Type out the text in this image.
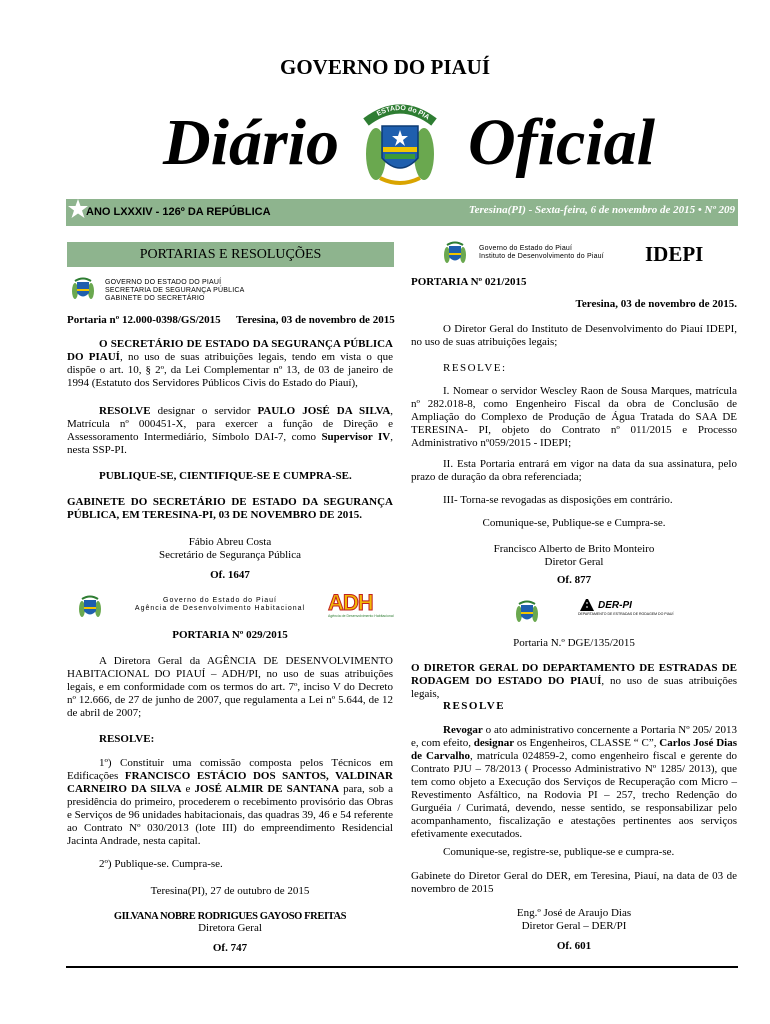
GOVERNO DO PIAUÍ
Diário Oficial
ESTADO do PIA
ANO LXXXIV - 126º DA REPÚBLICA	Teresina(PI) - Sexta-feira, 6 de novembro de 2015 • Nº 209
PORTARIAS E RESOLUÇÕES
GOVERNO DO ESTADO DO PIAUÍ
SECRETARIA DE SEGURANÇA PÚBLICA
GABINETE DO SECRETÁRIO
Portaria nº 12.000-0398/GS/2015 Teresina, 03 de novembro de 2015
O SECRETÁRIO DE ESTADO DA SEGURANÇA PÚBLICA DO PIAUÍ, no uso de suas atribuições legais, tendo em vista o que dispõe o art. 10, § 2º, da Lei Complementar nº 13, de 03 de janeiro de 1994 (Estatuto dos Servidores Públicos Civis do Estado do Piauí),
RESOLVE designar o servidor PAULO JOSÉ DA SILVA, Matrícula nº 000451-X, para exercer a função de Direção e Assessoramento Intermediário, Símbolo DAI-7, como Supervisor IV, nesta SSP-PI.
PUBLIQUE-SE, CIENTIFIQUE-SE E CUMPRA-SE.
GABINETE DO SECRETÁRIO DE ESTADO DA SEGURANÇA PÚBLICA, EM TERESINA-PI, 03 DE NOVEMBRO DE 2015.
Fábio Abreu Costa
Secretário de Segurança Pública
Of. 1647
Governo do Estado do Piauí
Agência de Desenvolvimento Habitacional	ADH
Agência de Desenvolvimento Habitacional
PORTARIA Nº 029/2015
A Diretora Geral da AGÊNCIA DE DESENVOLVIMENTO HABITACIONAL DO PIAUÍ – ADH/PI, no uso de suas atribuições legais, e em conformidade com os termos do art. 7º, inciso V do Decreto nº 12.666, de 27 de junho de 2007, que regulamenta a Lei nº 5.644, de 12 de abril de 2007;
RESOLVE:
1º) Constituir uma comissão composta pelos Técnicos em Edificações FRANCISCO ESTÁCIO DOS SANTOS, VALDINAR CARNEIRO DA SILVA e JOSÉ ALMIR DE SANTANA para, sob a presidência do primeiro, procederem o recebimento provisório das Obras e Serviços de 96 unidades habitacionais, das quadras 39, 46 e 54 referente ao Contrato Nº 030/2013 (lote III) do empreendimento Residencial Jacinta Andrade, nesta capital.
2º) Publique-se. Cumpra-se.
Teresina(PI), 27 de outubro de 2015
GILVANA NOBRE RODRIGUES GAYOSO FREITAS
Diretora Geral
Of. 747
Governo do Estado do Piauí
Instituto de Desenvolvimento do Piauí IDEPI
PORTARIA Nº 021/2015
Teresina, 03 de novembro de 2015.
O Diretor Geral do Instituto de Desenvolvimento do Piauí IDEPI, no uso de suas atribuições legais;
RESOLVE:
I. Nomear o servidor Wescley Raon de Sousa Marques, matrícula nº 282.018-8, como Engenheiro Fiscal da obra de Conclusão de Ampliação do Complexo de Produção de Água Tratada do SAA DE TERESINA- PI, objeto do Contrato nº 011/2015 e Processo Administrativo nº059/2015 - IDEPI;
II. Esta Portaria entrará em vigor na data da sua assinatura, pelo prazo de duração da obra referenciada;
III- Torna-se revogadas as disposições em contrário.
Comunique-se, Publique-se e Cumpra-se.
Francisco Alberto de Brito Monteiro
Diretor Geral
Of. 877
DER-PI
DEPARTAMENTO DE ESTRADAS DE RODAGEM DO PIAUÍ
Portaria N.º DGE/135/2015
O DIRETOR GERAL DO DEPARTAMENTO DE ESTRADAS DE RODAGEM DO ESTADO DO PIAUÍ, no uso de suas atribuições legais,
RESOLVE
Revogar o ato administrativo concernente a Portaria Nº 205/ 2013 e, com efeito, designar os Engenheiros, CLASSE “ C”, Carlos José Dias de Carvalho, matrícula 024859-2, como engenheiro fiscal e gerente do Contrato PJU – 78/2013 ( Processo Administrativo Nº 1285/ 2013), que tem como objeto a Execução dos Serviços de Recuperação com Micro – Revestimento Asfáltico, na Rodovia PI – 257, trecho Redenção do Gurguéia / Curimatá, devendo, nesse sentido, se responsabilizar pelo acompanhamento, fiscalização e atestações pertinentes aos serviços efetivamente executados.
Comunique-se, registre-se, publique-se e cumpra-se.
Gabinete do Diretor Geral do DER, em Teresina, Piauí, na data de 03 de novembro de 2015
Eng.º José de Araujo Dias
Diretor Geral – DER/PI
Of. 601
